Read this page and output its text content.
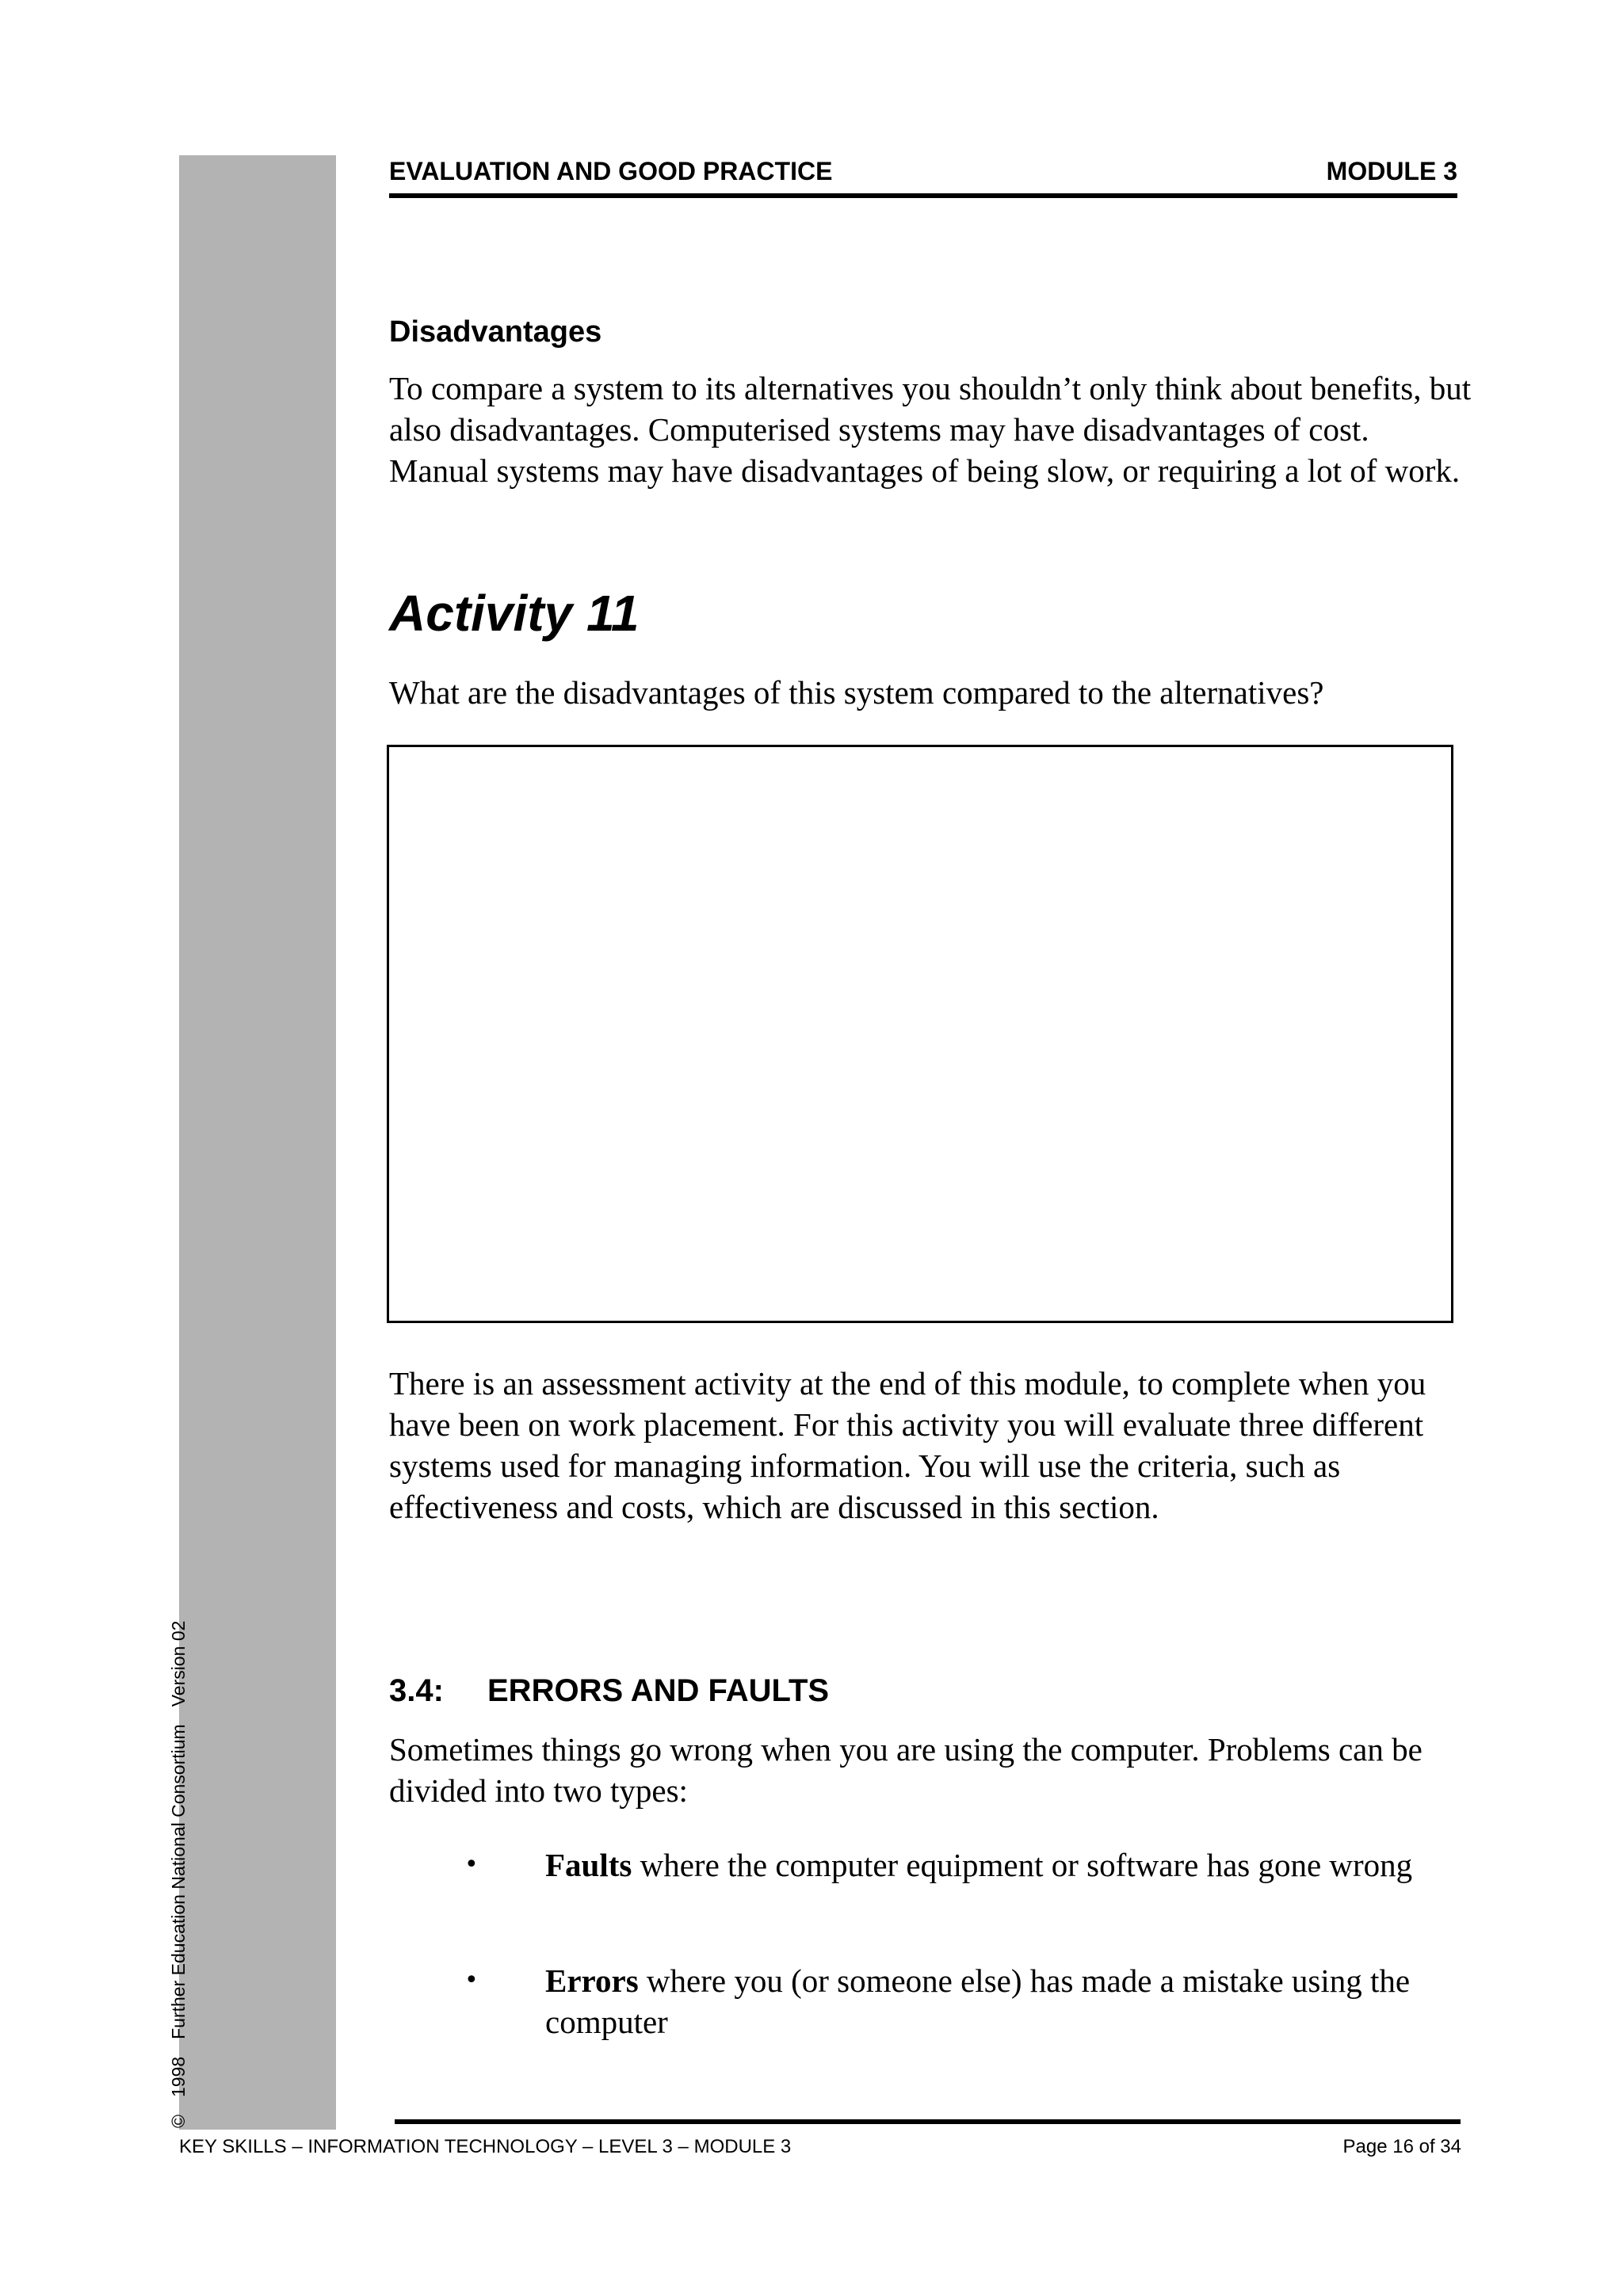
©1998Further Education National ConsortiumVersion 02
EVALUATION AND GOOD PRACTICE	MODULE 3
Disadvantages

To compare a system to its alternatives you shouldn’t only think about benefits, but also disadvantages. Computerised systems may have disadvantages of cost. Manual systems may have disadvantages of being slow, or requiring a lot of work.

Activity 11

What are the disadvantages of this system compared to the alternatives?

There is an assessment activity at the end of this module, to complete when you have been on work placement. For this activity you will evaluate three different systems used for managing information. You will use the criteria, such as effectiveness and costs, which are discussed in this section.

3.4: ERRORS AND FAULTS

Sometimes things go wrong when you are using the computer. Problems can be divided into two types:

•	Faults where the computer equipment or software has gone wrong
•	Errors where you (or someone else) has made a mistake using the computer
KEY SKILLS – INFORMATION TECHNOLOGY – LEVEL 3 – MODULE 3	Page 16 of 34
